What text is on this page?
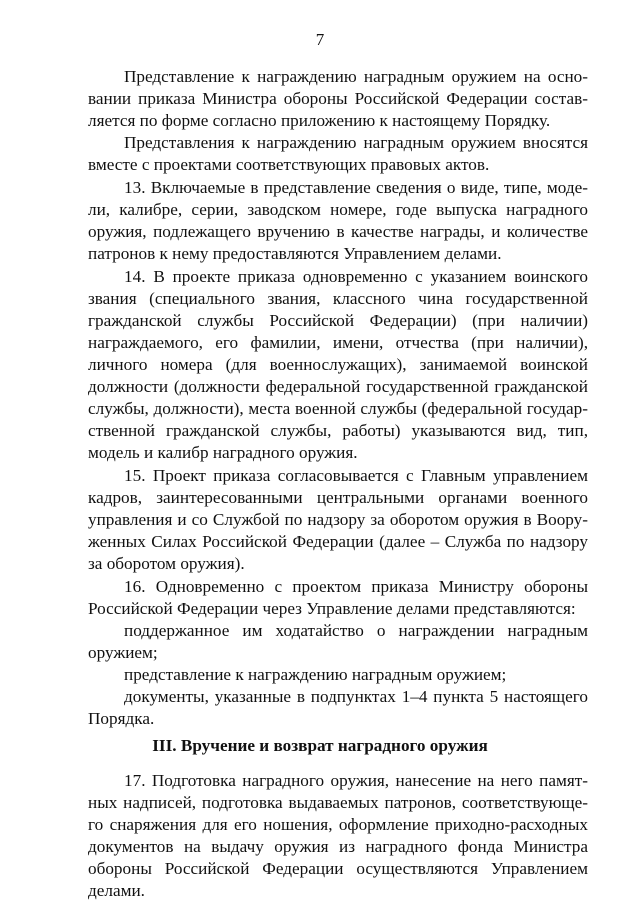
7
Представление к награждению наградным оружием на осно-
вании приказа Министра обороны Российской Федерации состав-
ляется по форме согласно приложению к настоящему Порядку.
Представления к награждению наградным оружием вносятся
вместе с проектами соответствующих правовых актов.
13. Включаемые в представление сведения о виде, типе, моде-
ли, калибре, серии, заводском номере, годе выпуска наградного
оружия, подлежащего вручению в качестве награды, и количестве
патронов к нему предоставляются Управлением делами.
14. В проекте приказа одновременно с указанием воинского
звания (специального звания, классного чина государственной
гражданской службы Российской Федерации) (при наличии)
награждаемого, его фамилии, имени, отчества (при наличии),
личного номера (для военнослужащих), занимаемой воинской
должности (должности федеральной государственной гражданской
службы, должности), места военной службы (федеральной государ-
ственной гражданской службы, работы) указываются вид, тип,
модель и калибр наградного оружия.
15. Проект приказа согласовывается с Главным управлением
кадров, заинтересованными центральными органами военного
управления и со Службой по надзору за оборотом оружия в Воору-
женных Силах Российской Федерации (далее – Служба по надзору
за оборотом оружия).
16. Одновременно с проектом приказа Министру обороны
Российской Федерации через Управление делами представляются:
поддержанное им ходатайство о награждении наградным
оружием;
представление к награждению наградным оружием;
документы, указанные в подпунктах 1–4 пункта 5 настоящего
Порядка.
17. Подготовка наградного оружия, нанесение на него памят-
ных надписей, подготовка выдаваемых патронов, соответствующе-
го снаряжения для его ношения, оформление приходно-расходных
документов на выдачу оружия из наградного фонда Министра
обороны Российской Федерации осуществляются Управлением
делами.
III. Вручение и возврат наградного оружия
